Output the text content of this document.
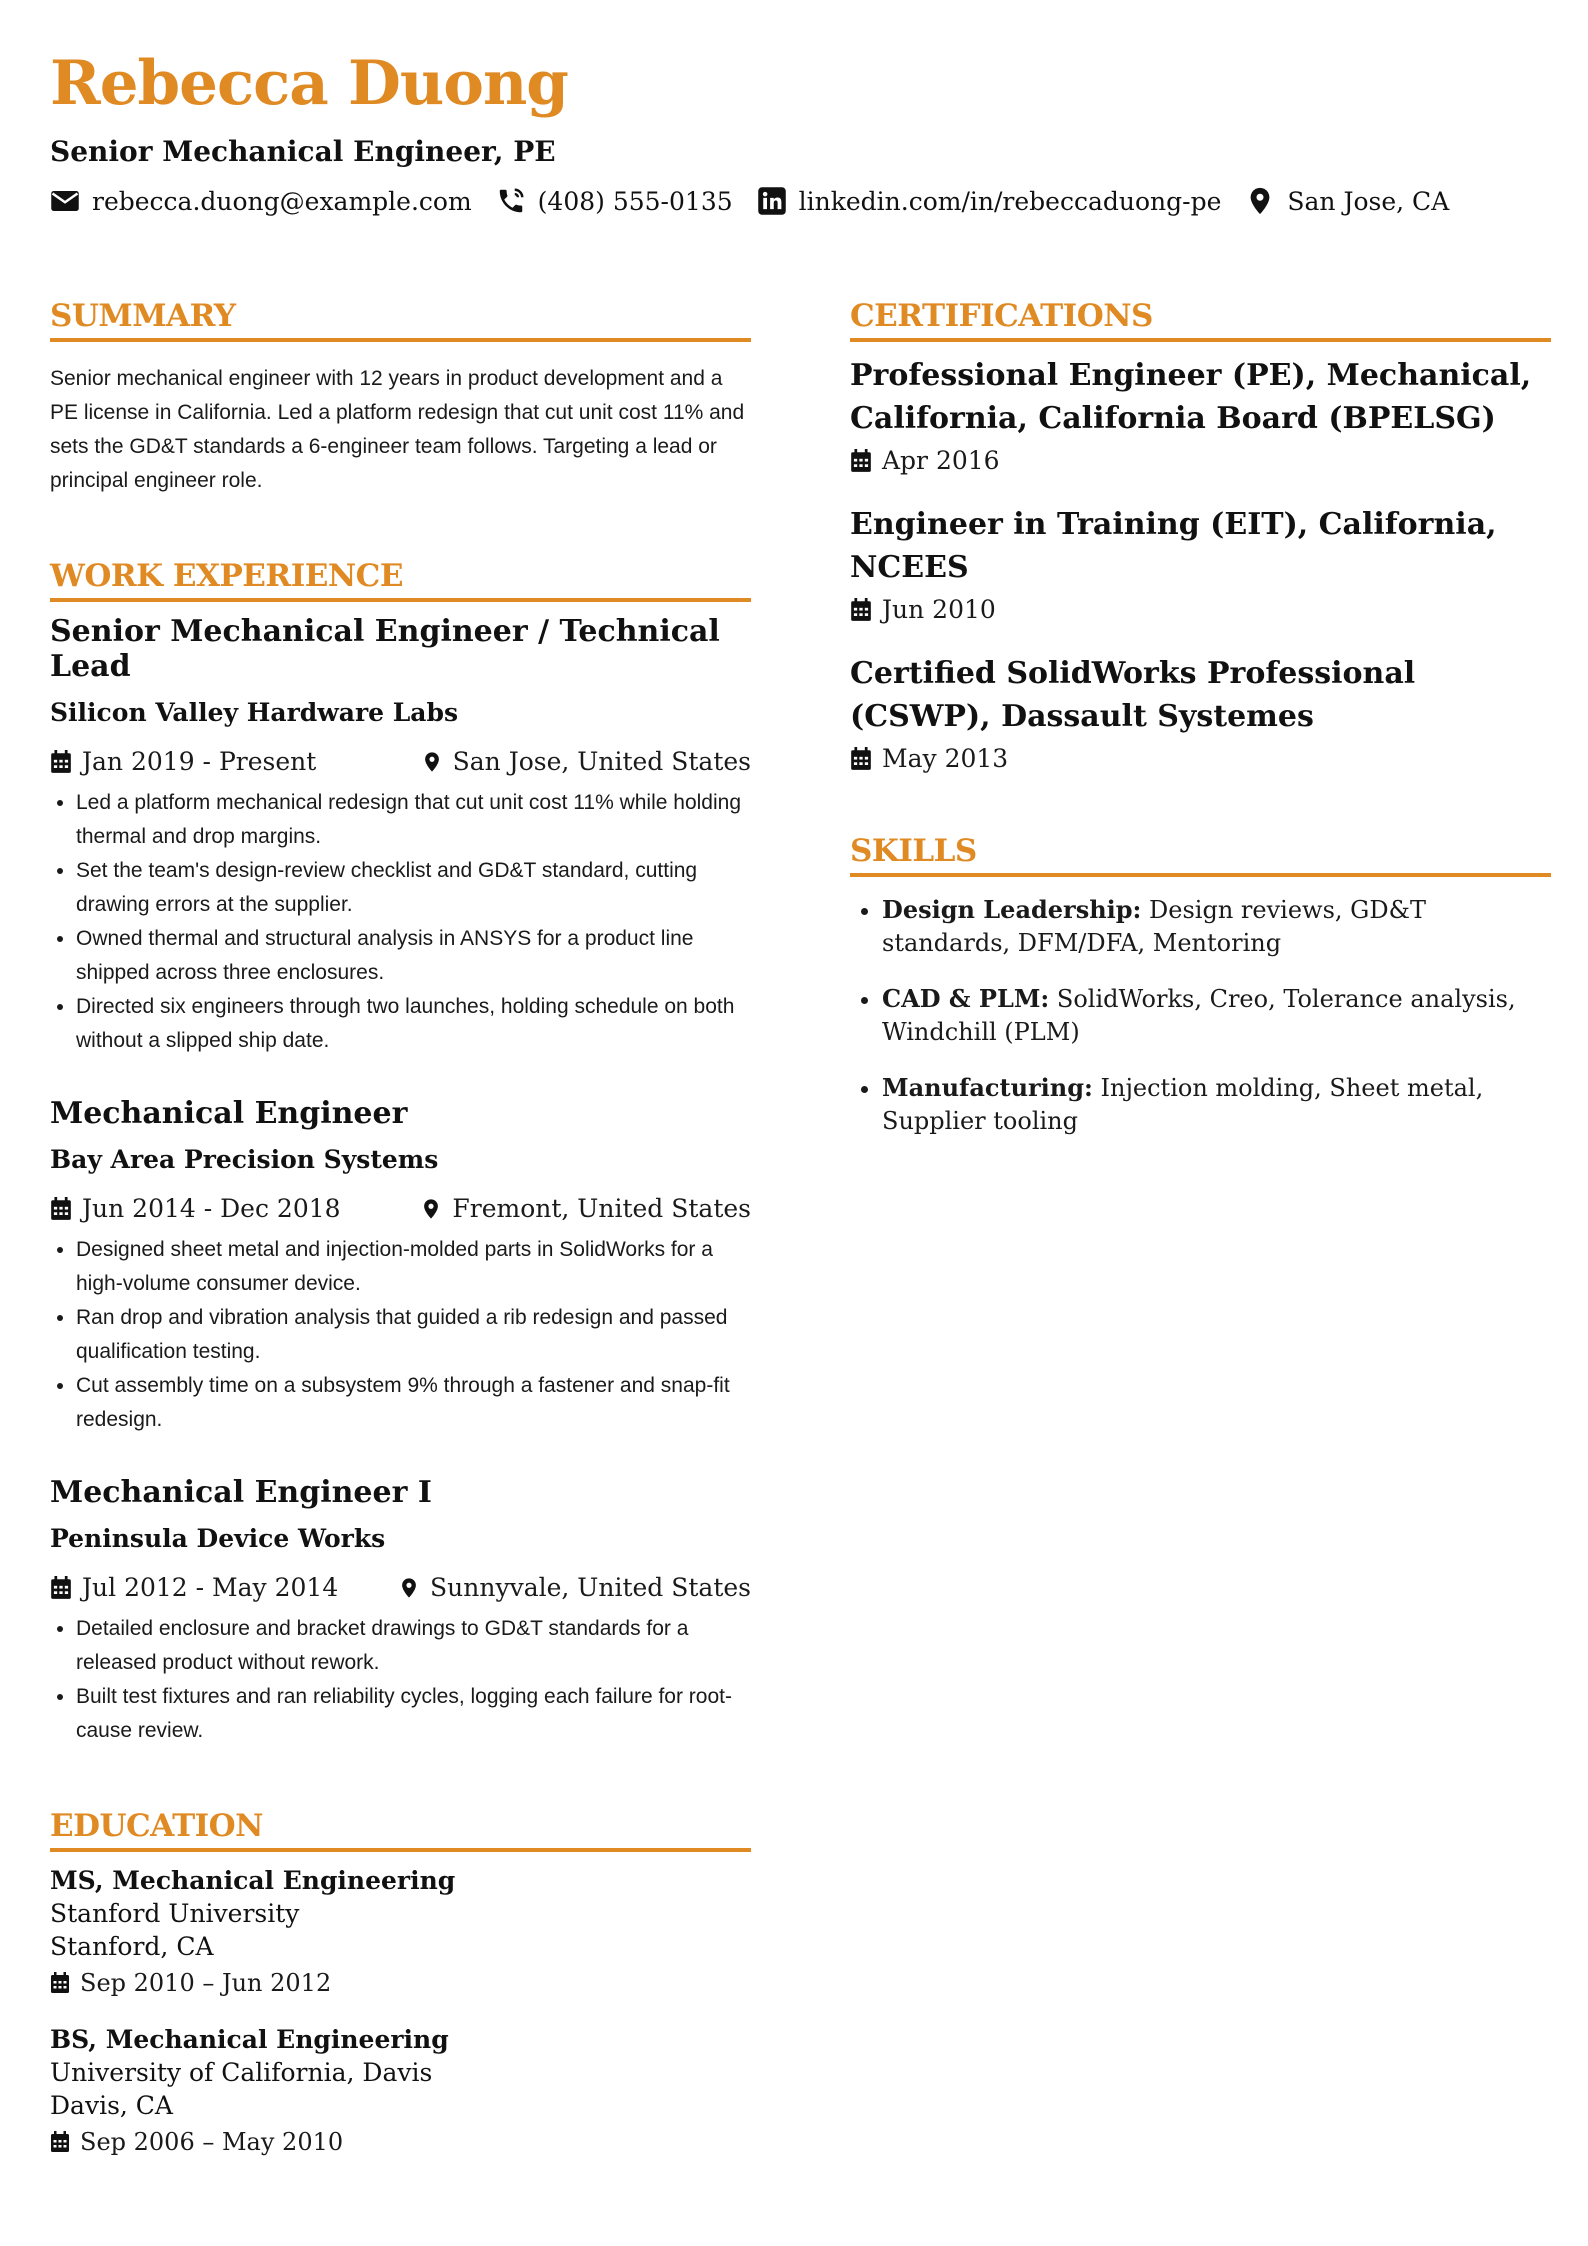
Rebecca Duong
Senior Mechanical Engineer, PE
rebecca.duong@example.com	(408) 555-0135	linkedin.com/in/rebeccaduong-pe	San Jose, CA
SUMMARY
Senior mechanical engineer with 12 years in product development and a PE license in California. Led a platform redesign that cut unit cost 11% and sets the GD&T standards a 6-engineer team follows. Targeting a lead or principal engineer role.
WORK EXPERIENCE
Senior Mechanical Engineer / Technical Lead
Silicon Valley Hardware Labs
Jan 2019 - Present	San Jose, United States
• Led a platform mechanical redesign that cut unit cost 11% while holding thermal and drop margins.
• Set the team's design-review checklist and GD&T standard, cutting drawing errors at the supplier.
• Owned thermal and structural analysis in ANSYS for a product line shipped across three enclosures.
• Directed six engineers through two launches, holding schedule on both without a slipped ship date.
Mechanical Engineer
Bay Area Precision Systems
Jun 2014 - Dec 2018	Fremont, United States
• Designed sheet metal and injection-molded parts in SolidWorks for a high-volume consumer device.
• Ran drop and vibration analysis that guided a rib redesign and passed qualification testing.
• Cut assembly time on a subsystem 9% through a fastener and snap-fit redesign.
Mechanical Engineer I
Peninsula Device Works
Jul 2012 - May 2014	Sunnyvale, United States
• Detailed enclosure and bracket drawings to GD&T standards for a released product without rework.
• Built test fixtures and ran reliability cycles, logging each failure for root-cause review.
EDUCATION
MS, Mechanical Engineering
Stanford University
Stanford, CA
Sep 2010 – Jun 2012
BS, Mechanical Engineering
University of California, Davis
Davis, CA
Sep 2006 – May 2010
CERTIFICATIONS
Professional Engineer (PE), Mechanical, California, California Board (BPELSG)
Apr 2016
Engineer in Training (EIT), California, NCEES
Jun 2010
Certified SolidWorks Professional (CSWP), Dassault Systemes
May 2013
SKILLS
• Design Leadership: Design reviews, GD&T standards, DFM/DFA, Mentoring
• CAD & PLM: SolidWorks, Creo, Tolerance analysis, Windchill (PLM)
• Manufacturing: Injection molding, Sheet metal, Supplier tooling
